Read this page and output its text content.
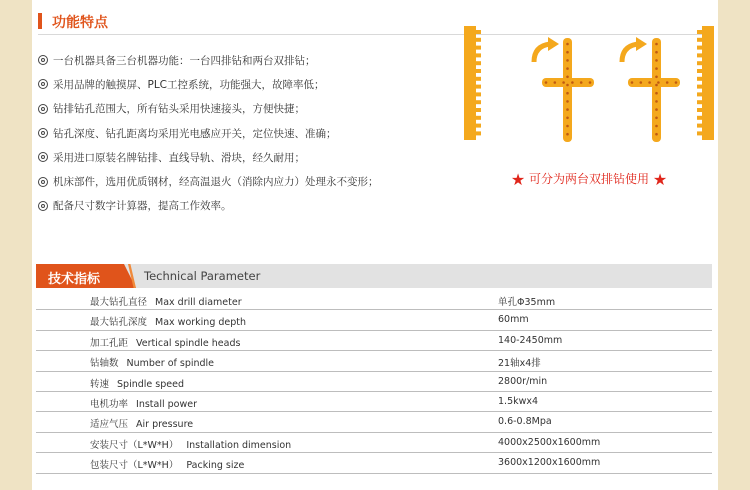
功能特点
一台机器具备三台机器功能：一台四排钻和两台双排钻；
采用品牌的触摸屏、PLC工控系统，功能强大，故障率低；
钻排钻孔范围大，所有钻头采用快速接头，方便快捷；
钻孔深度、钻孔距离均采用光电感应开关，定位快速、准确；
采用进口原装名牌钻排、直线导轨、滑块，经久耐用；
机床部件，选用优质钢材，经高温退火（消除内应力）处理永不变形；
配备尺寸数字计算器，提高工作效率。
★ 可分为两台双排钻使用 ★
技术指标	Technical Parameter
最大钻孔直径 Max drill diameter	单孔Φ35mm
最大钻孔深度 Max working depth	60mm
加工孔距 Vertical spindle heads	140-2450mm
钻轴数 Number of spindle	21轴x4排
转速 Spindle speed	2800r/min
电机功率 Install power	1.5kwx4
适应气压 Air pressure	0.6-0.8Mpa
安装尺寸（L*W*H） Installation dimension	4000x2500x1600mm
包装尺寸（L*W*H） Packing size	3600x1200x1600mm
